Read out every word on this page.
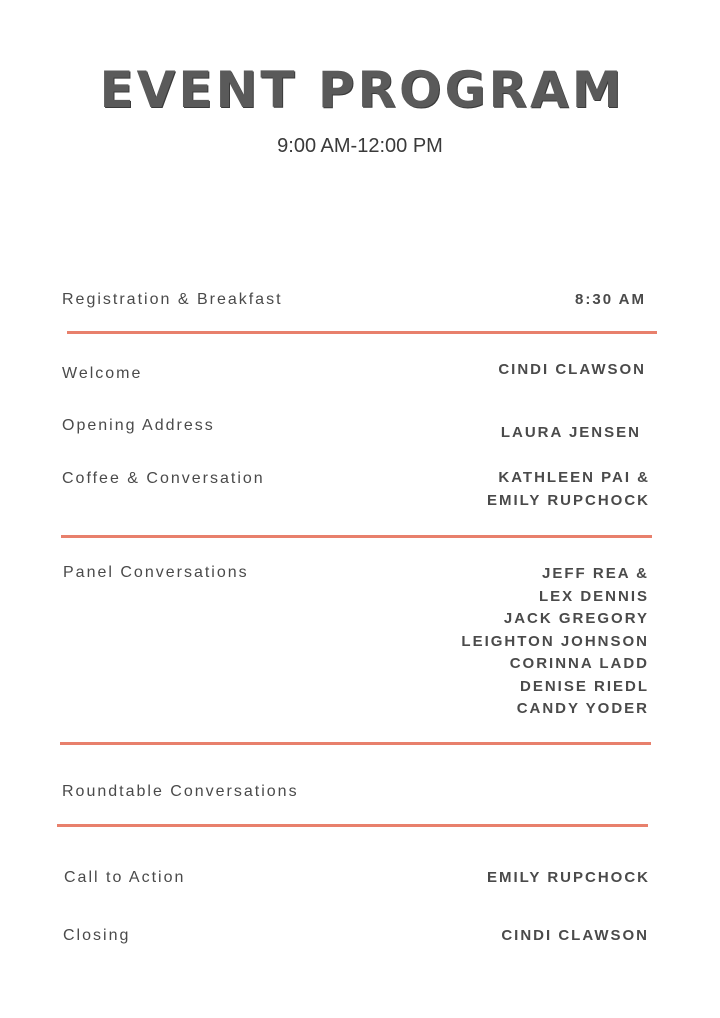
EVENT PROGRAM
9:00 AM-12:00 PM
Registration & Breakfast	8:30 AM
Welcome	CINDI CLAWSON
Opening Address	LAURA JENSEN
Coffee & Conversation	KATHLEEN PAI &
EMILY RUPCHOCK
Panel Conversations	JEFF REA &
LEX DENNIS
JACK GREGORY
LEIGHTON JOHNSON
CORINNA LADD
DENISE RIEDL
CANDY YODER
Roundtable Conversations
Call to Action	EMILY RUPCHOCK
Closing	CINDI CLAWSON
